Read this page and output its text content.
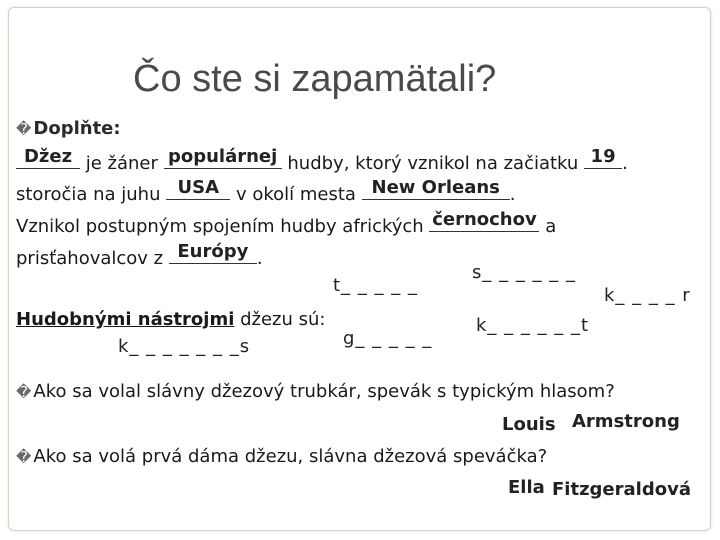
Čo ste si zapamätali?
� Doplňte:
Džez je žáner populárnej hudby, ktorý vznikol na začiatku 19 .
storočia na juhu USA v okolí mesta New Orleans .
Vznikol postupným spojením hudby afrických černochov a
prisťahovalcov z Európy .
t_ _ _ _ _
s_ _ _ _ _ _
k_ _ _ _ r
g_ _ _ _ _
k_ _ _ _ _ _t
k_ _ _ _ _ _ _s
Hudobnými nástrojmi džezu sú:
� Ako sa volal slávny džezový trubkár, spevák s typickým hlasom?
Louis Armstrong
� Ako sa volá prvá dáma džezu, slávna džezová speváčka?
Ella Fitzgeraldová
